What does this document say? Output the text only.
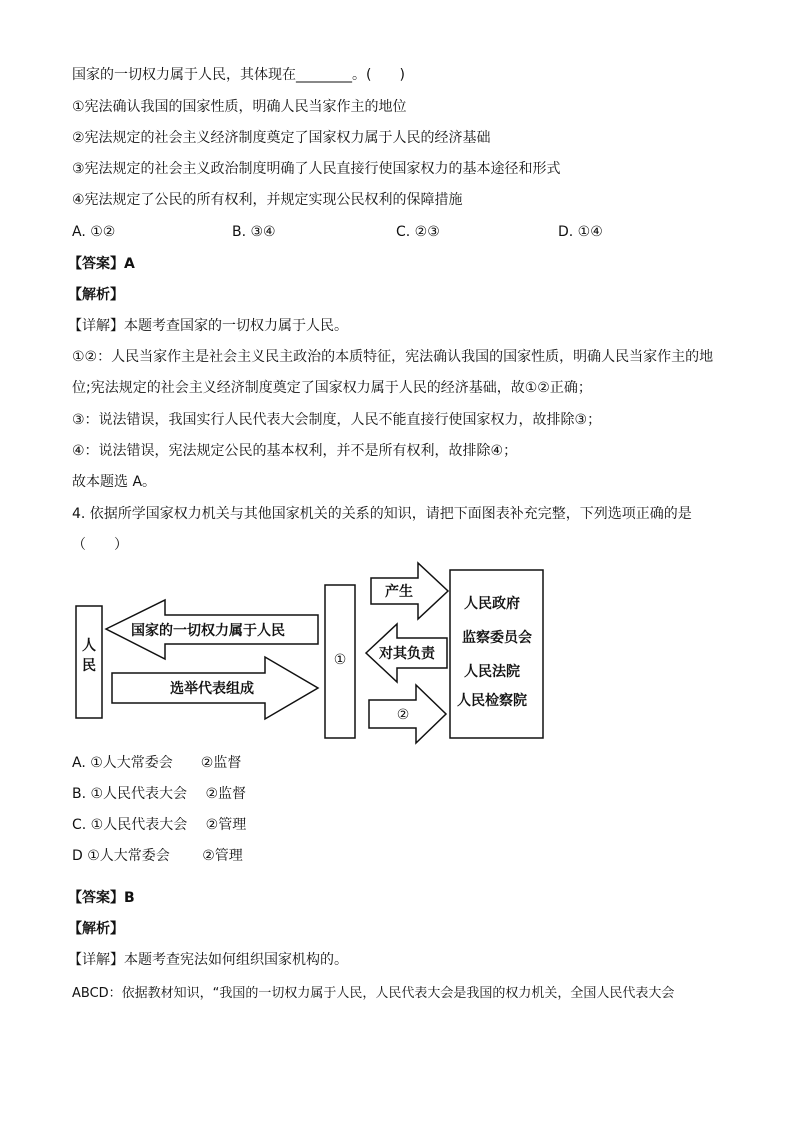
国家的一切权力属于人民，其体现在________。(　　)
①宪法确认我国的国家性质，明确人民当家作主的地位
②宪法规定的社会主义经济制度奠定了国家权力属于人民的经济基础
③宪法规定的社会主义政治制度明确了人民直接行使国家权力的基本途径和形式
④宪法规定了公民的所有权利，并规定实现公民权利的保障措施
A. ①②	B. ③④	C. ②③	D. ①④
【答案】A
【解析】
【详解】本题考查国家的一切权力属于人民。
①②：人民当家作主是社会主义民主政治的本质特征，宪法确认我国的国家性质，明确人民当家作主的地
位;宪法规定的社会主义经济制度奠定了国家权力属于人民的经济基础，故①②正确；
③：说法错误，我国实行人民代表大会制度，人民不能直接行使国家权力，故排除③；
④：说法错误，宪法规定公民的基本权利，并不是所有权利，故排除④；
故本题选 A。
4. 依据所学国家权力机关与其他国家机关的关系的知识，请把下面图表补充完整，下列选项正确的是
（　　）
人
民
国家的一切权力属于人民
选举代表组成
①
产生
对其负责
②
人民政府
监察委员会
人民法院
人民检察院
A. ①人大常委会　　②监督
B. ①人民代表大会　 ②监督
C. ①人民代表大会　 ②管理
D ①人大常委会　　 ②管理
【答案】B
【解析】
【详解】本题考查宪法如何组织国家机构的。
ABCD：依据教材知识，“我国的一切权力属于人民，人民代表大会是我国的权力机关，全国人民代表大会
